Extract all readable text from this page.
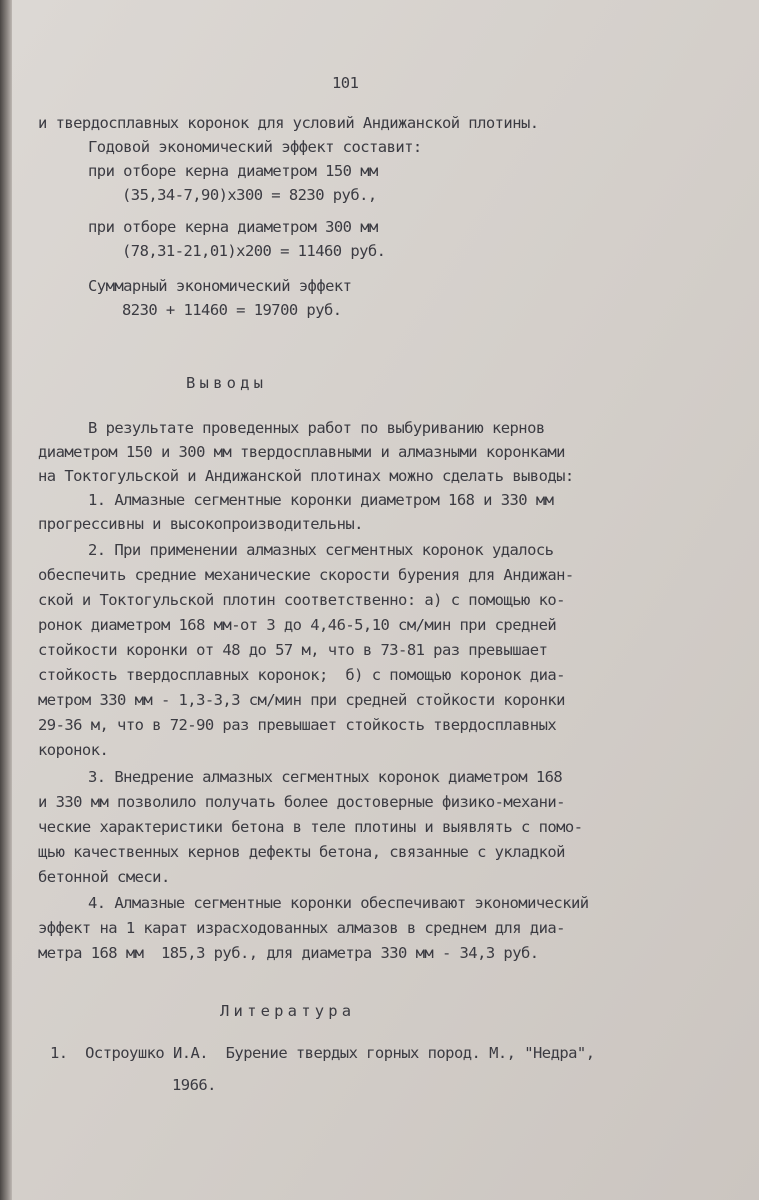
101
и твердосплавных коронок для условий Андижанской плотины.
Годовой экономический эффект составит:
при отборе керна диаметром 150 мм
(35,34-7,90)x300 = 8230 руб.,
при отборе керна диаметром 300 мм
(78,31-21,01)x200 = 11460 руб.
Суммарный экономический эффект
8230 + 11460 = 19700 руб.
Выводы
В результате проведенных работ по выбуриванию кернов
диаметром 150 и 300 мм твердосплавными и алмазными коронками
на Токтогульской и Андижанской плотинах можно сделать выводы:
1. Алмазные сегментные коронки диаметром 168 и 330 мм
прогрессивны и высокопроизводительны.
2. При применении алмазных сегментных коронок удалось
обеспечить средние механические скорости бурения для Андижан-
ской и Токтогульской плотин соответственно: а) с помощью ко-
ронок диаметром 168 мм-от 3 до 4,46-5,10 см/мин при средней
стойкости коронки от 48 до 57 м, что в 73-81 раз превышает
стойкость твердосплавных коронок;  б) с помощью коронок диа-
метром 330 мм - 1,3-3,3 см/мин при средней стойкости коронки
29-36 м, что в 72-90 раз превышает стойкость твердосплавных
коронок.
3. Внедрение алмазных сегментных коронок диаметром 168
и 330 мм позволило получать более достоверные физико-механи-
ческие характеристики бетона в теле плотины и выявлять с помо-
щью качественных кернов дефекты бетона, связанные с укладкой
бетонной смеси.
4. Алмазные сегментные коронки обеспечивают экономический
эффект на 1 карат израсходованных алмазов в среднем для диа-
метра 168 мм  185,3 руб., для диаметра 330 мм - 34,3 руб.
Литература
1.  Остроушко И.А.  Бурение твердых горных пород. М., "Недра",
1966.
